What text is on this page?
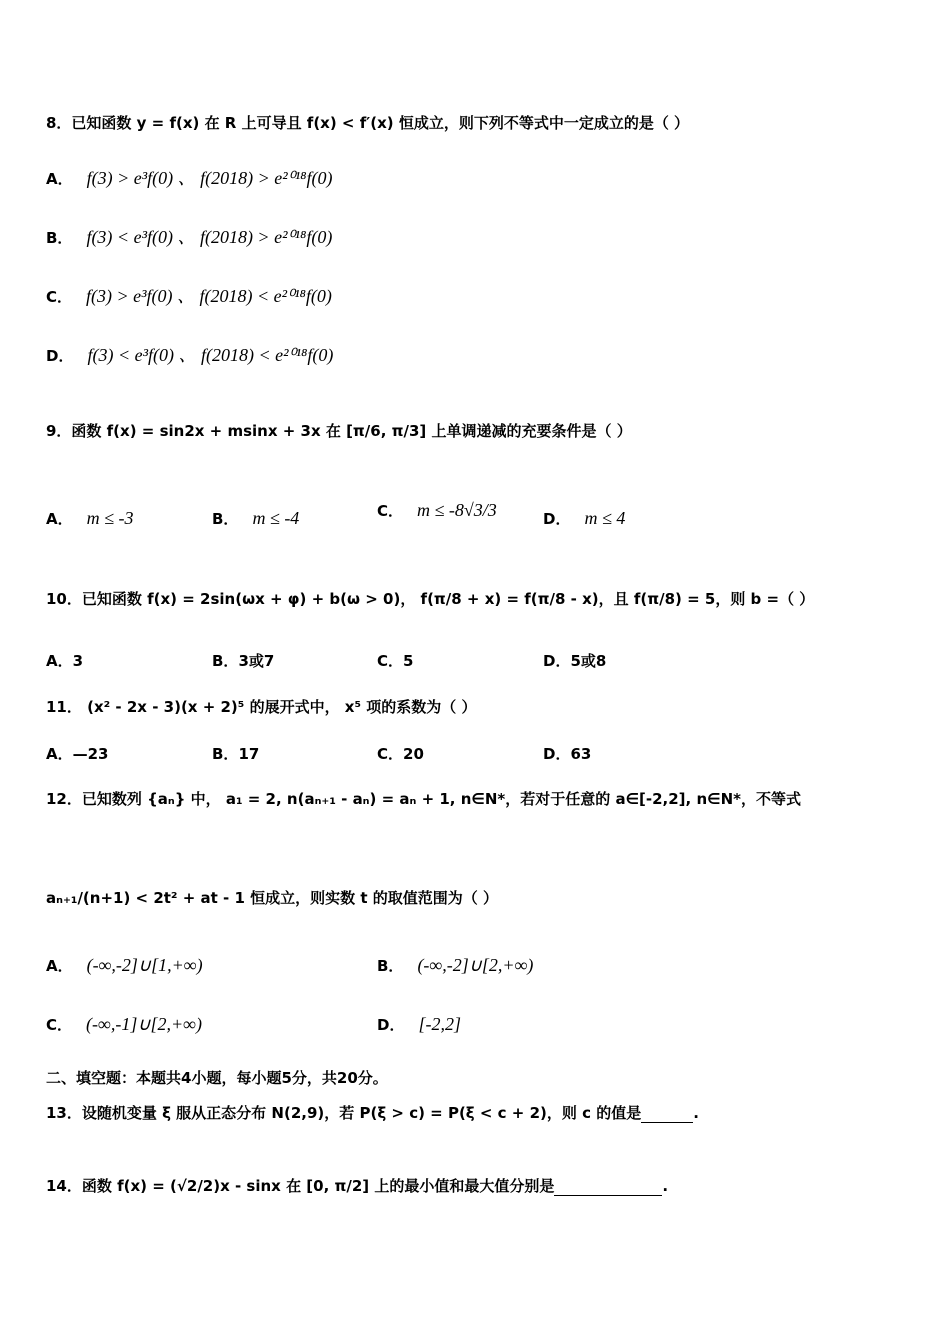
8．已知函数 y = f(x) 在 R 上可导且 f(x) < f′(x) 恒成立，则下列不等式中一定成立的是（ ）
A． f(3) > e³f(0) 、 f(2018) > e²⁰¹⁸f(0)
B． f(3) < e³f(0) 、 f(2018) > e²⁰¹⁸f(0)
C． f(3) > e³f(0) 、 f(2018) < e²⁰¹⁸f(0)
D． f(3) < e³f(0) 、 f(2018) < e²⁰¹⁸f(0)
9．函数 f(x) = sin2x + msinx + 3x 在 [π/6, π/3] 上单调递减的充要条件是（ ）
A． m ≤ -3	B． m ≤ -4	C． m ≤ -8√3/3	D． m ≤ 4
10．已知函数 f(x) = 2sin(ωx + φ) + b(ω > 0)， f(π/8 + x) = f(π/8 - x)，且 f(π/8) = 5，则 b =（ ）
A．3	B．3或7	C．5	D．5或8
11． (x² - 2x - 3)(x + 2)⁵ 的展开式中， x⁵ 项的系数为（ ）
A．—23	B．17	C．20	D．63
12．已知数列 {aₙ} 中， a₁ = 2, n(aₙ₊₁ - aₙ) = aₙ + 1, n∈N*，若对于任意的 a∈[-2,2], n∈N*，不等式
aₙ₊₁/(n+1) < 2t² + at - 1 恒成立，则实数 t 的取值范围为（ ）
A． (-∞,-2]∪[1,+∞)	B． (-∞,-2]∪[2,+∞)
C． (-∞,-1]∪[2,+∞)	D． [-2,2]
二、填空题：本题共4小题，每小题5分，共20分。
13．设随机变量 ξ 服从正态分布 N(2,9)，若 P(ξ > c) = P(ξ < c + 2)，则 c 的值是	.
14．函数 f(x) = (√2/2)x - sinx 在 [0, π/2] 上的最小值和最大值分别是	.
